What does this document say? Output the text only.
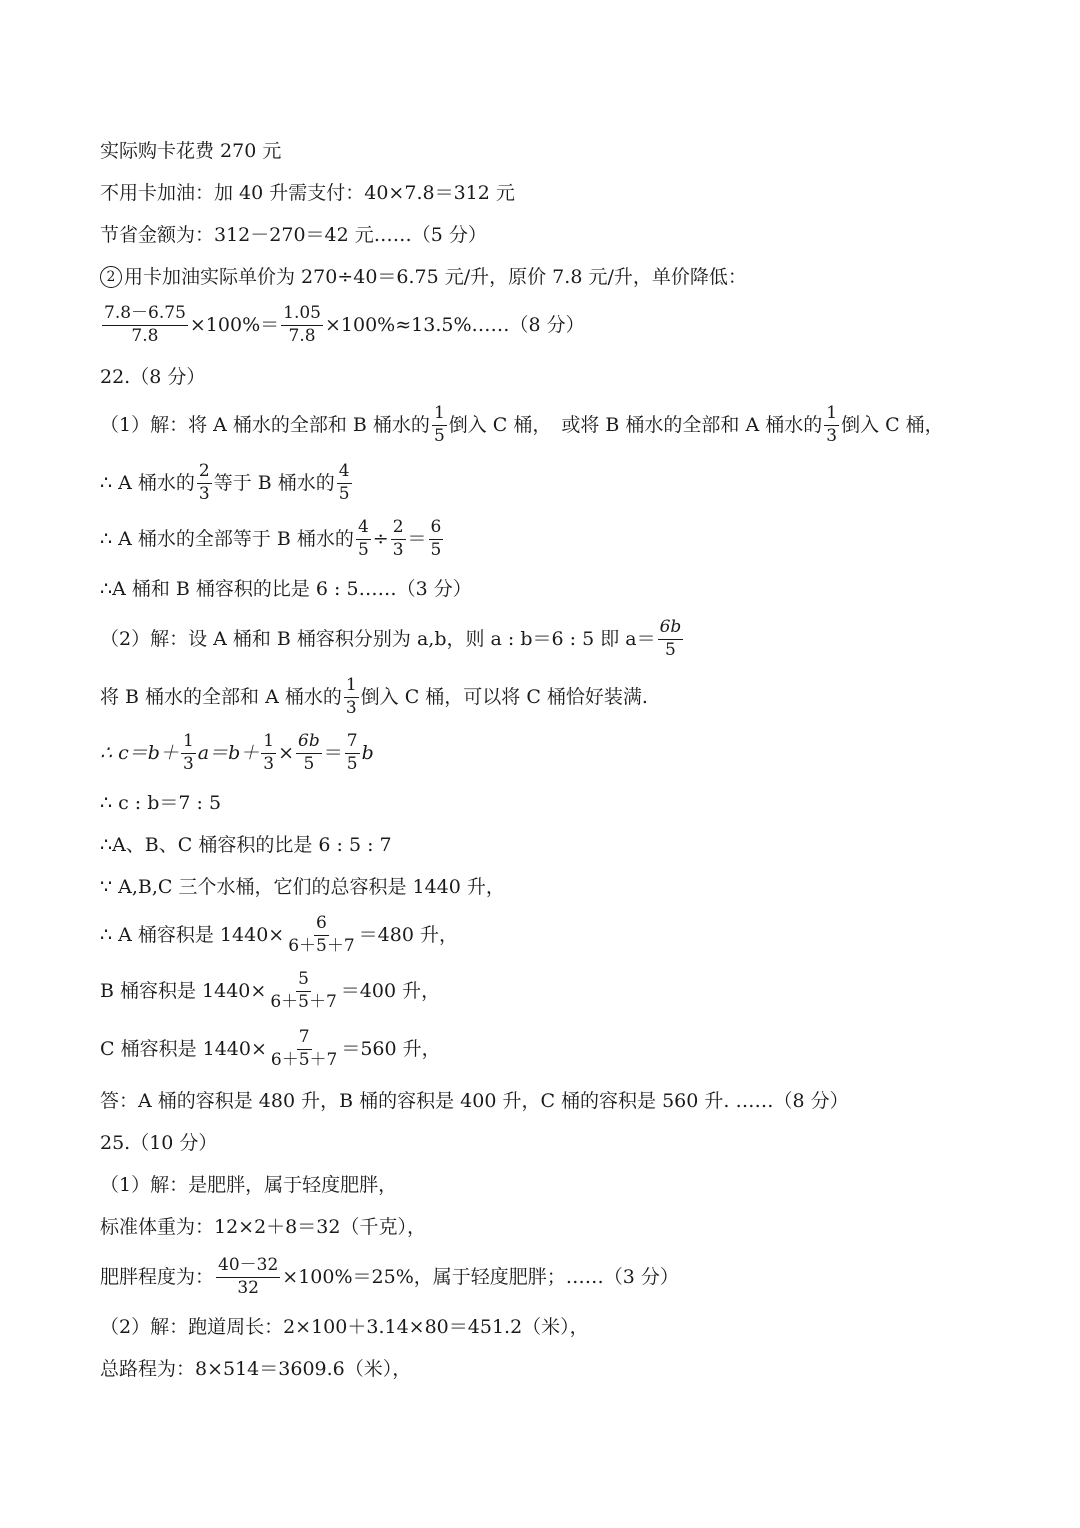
实际购卡花费 270 元
不用卡加油：加 40 升需支付：40×7.8＝312 元
节省金额为：312－270＝42 元……（5 分）
2 用卡加油实际单价为 270÷40＝6.75 元/升，原价 7.8 元/升，单价降低：
$\frac{7.8-6.75}{7.8} \times 100\%= \frac{1.05}{7.8}$ ×100%≈13.5%……（8 分）
22.（8 分）
（1）解：将 A 桶水的全部和 B 桶水的 $\frac{1}{5}$ 倒入 C 桶， 或将 B 桶水的全部和 A 桶水的 $\frac{1}{3}$ 倒入 C 桶，
∴ A 桶水的 $\frac{2}{3}$ 等于 B 桶水的 $\frac{4}{5}$
∴ A 桶水的全部等于 B 桶水的 $\frac{4}{5} \div \frac{2}{3} = \frac{6}{5}$
∴A 桶和 B 桶容积的比是 6 : 5……（3 分）
（2）解：设 A 桶和 B 桶容积分别为 a,b，则 a : b＝6 : 5 即 $a= \frac{6b}{5}$
将 B 桶水的全部和 A 桶水的 $\frac{1}{3}$ 倒入 C 桶，可以将 C 桶恰好装满.
∴ $c=b+ \frac{1}{3} a=b+ \frac{1}{3} \times \frac{6b}{5} = \frac{7}{5}$ b
∴ c : b＝7 : 5
∴A、B、C 桶容积的比是 6 : 5 : 7
∵ A,B,C 三个水桶，它们的总容积是 1440 升，
∴ A 桶容积是 $1440\times \frac{6}{6+5+7} =480$ 升，
B 桶容积是 $1440\times \frac{5}{6+5+7} =400$ 升，
C 桶容积是 $1440\times \frac{7}{6+5+7} =560$ 升，
答：A 桶的容积是 480 升，B 桶的容积是 400 升，C 桶的容积是 560 升. ……（8 分）
25.（10 分）
（1）解：是肥胖，属于轻度肥胖，
标准体重为：12×2＋8＝32（千克），
肥胖程度为： $\frac{40-32}{32} \times 100\%=25\%$，属于轻度肥胖；……（3 分）
（2）解：跑道周长：2×100＋3.14×80＝451.2（米），
总路程为：8×514＝3609.6（米），
